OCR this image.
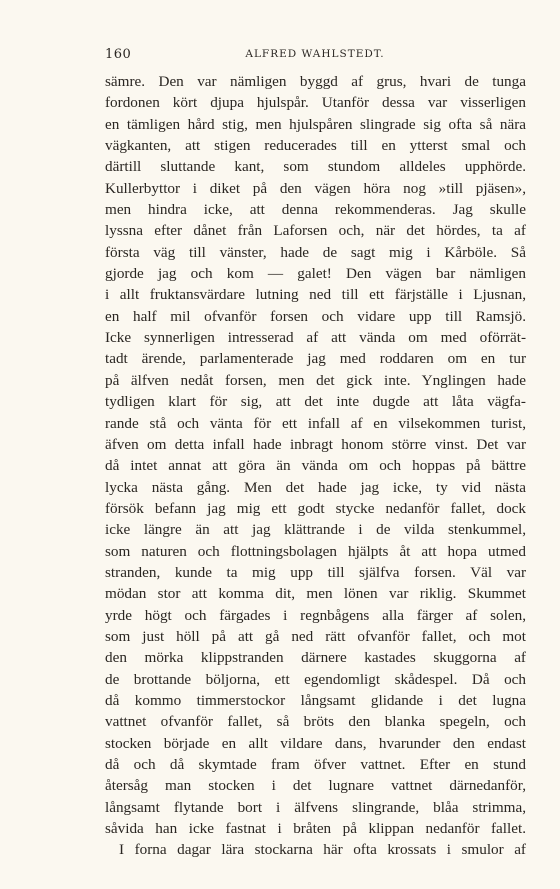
160	ALFRED WAHLSTEDT.
sämre. Den var nämligen byggd af grus, hvari de tunga
fordonen kört djupa hjulspår. Utanför dessa var visserligen
en tämligen hård stig, men hjulspåren slingrade sig ofta så nära
vägkanten, att stigen reducerades till en ytterst smal och
därtill sluttande kant, som stundom alldeles upphörde.
Kullerbyttor i diket på den vägen höra nog »till pjäsen»,
men hindra icke, att denna rekommenderas. Jag skulle
lyssna efter dånet från Laforsen och, när det hördes, ta af
första väg till vänster, hade de sagt mig i Kårböle. Så
gjorde jag och kom — galet! Den vägen bar nämligen
i allt fruktansvärdare lutning ned till ett färjställe i Ljusnan,
en half mil ofvanför forsen och vidare upp till Ramsjö.
Icke synnerligen intresserad af att vända om med oförrät-
tadt ärende, parlamenterade jag med roddaren om en tur
på älfven nedåt forsen, men det gick inte. Ynglingen hade
tydligen klart för sig, att det inte dugde att låta vägfa-
rande stå och vänta för ett infall af en vilsekommen turist,
äfven om detta infall hade inbragt honom större vinst. Det var
då intet annat att göra än vända om och hoppas på bättre
lycka nästa gång. Men det hade jag icke, ty vid nästa
försök befann jag mig ett godt stycke nedanför fallet, dock
icke längre än att jag klättrande i de vilda stenkummel,
som naturen och flottningsbolagen hjälpts åt att hopa utmed
stranden, kunde ta mig upp till själfva forsen. Väl var
mödan stor att komma dit, men lönen var riklig. Skummet
yrde högt och färgades i regnbågens alla färger af solen,
som just höll på att gå ned rätt ofvanför fallet, och mot
den mörka klippstranden därnere kastades skuggorna af
de brottande böljorna, ett egendomligt skådespel. Då och
då kommo timmerstockor långsamt glidande i det lugna
vattnet ofvanför fallet, så bröts den blanka spegeln, och
stocken började en allt vildare dans, hvarunder den endast
då och då skymtade fram öfver vattnet. Efter en stund
återsåg man stocken i det lugnare vattnet därnedanför,
långsamt flytande bort i älfvens slingrande, blåa strimma,
såvida han icke fastnat i bråten på klippan nedanför fallet.
I forna dagar lära stockarna här ofta krossats i smulor af
